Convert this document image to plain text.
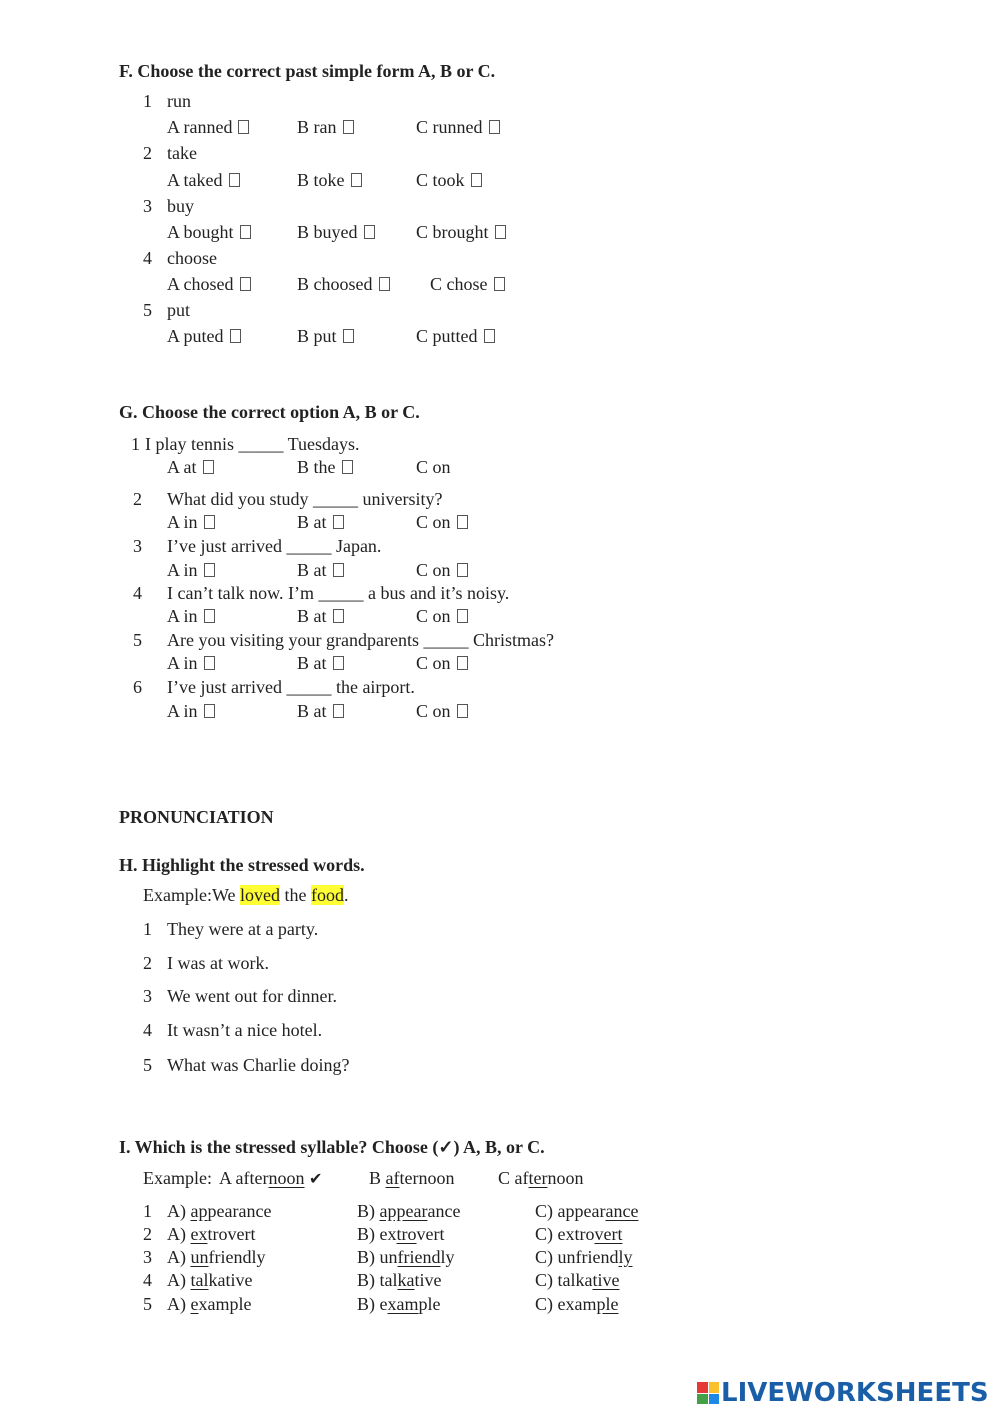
F. Choose the correct past simple form A, B or C.
1 run
A ranned	B ran	C runned
2 take
A taked	B toke	C took
3 buy
A bought	B buyed	C brought
4 choose
A chosed	B choosed	C chose
5 put
A puted	B put	C putted
G. Choose the correct option A, B or C.
1 I play tennis _____ Tuesdays.
A at	B the	C on
2 What did you study _____ university?
A in	B at	C on
3 I’ve just arrived _____ Japan.
A in	B at	C on
4 I can’t talk now. I’m _____ a bus and it’s noisy.
A in	B at	C on
5 Are you visiting your grandparents _____ Christmas?
A in	B at	C on
6 I’ve just arrived _____ the airport.
A in	B at	C on
PRONUNCIATION
H. Highlight the stressed words.
Example:We loved the food.
1 They were at a party.
2 I was at work.
3 We went out for dinner.
4 It wasn’t a nice hotel.
5 What was Charlie doing?
I. Which is the stressed syllable? Choose (✓) A, B, or C.
Example: A afternoon ✔	B afternoon C afternoon
1 A) appearance	B) appearance	C) appearance
2 A) extrovert	B) extrovert	C) extrovert
3 A) unfriendly	B) unfriendly	C) unfriendly
4 A) talkative	B) talkative	C) talkative
5 A) example	B) example	C) example
LIVEWORKSHEETS
